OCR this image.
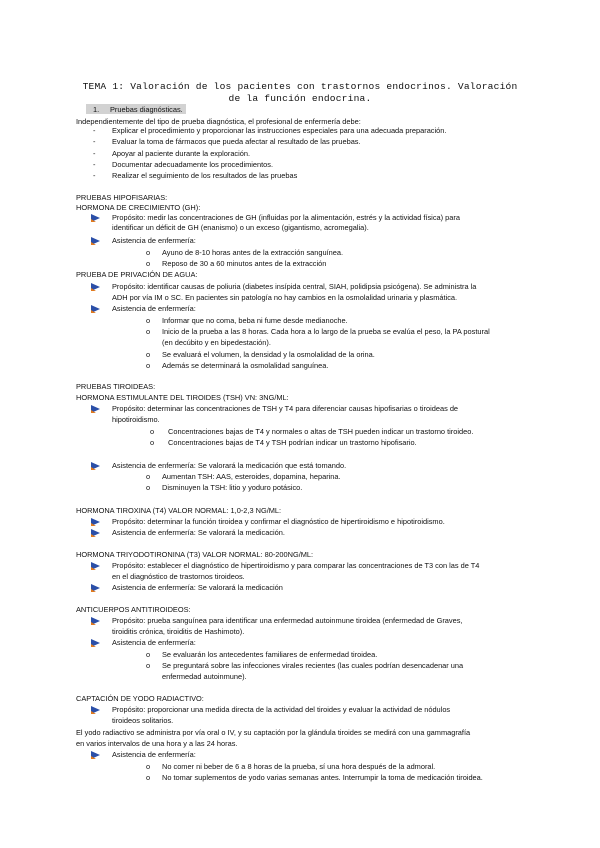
TEMA 1: Valoración de los pacientes con trastornos endocrinos. Valoración
de la función endocrina.
1. Pruebas diagnósticas.
Independientemente del tipo de prueba diagnóstica, el profesional de enfermería debe:
- Explicar el procedimiento y proporcionar las instrucciones especiales para una adecuada preparación.
- Evaluar la toma de fármacos que pueda afectar al resultado de las pruebas.
- Apoyar al paciente durante la exploración.
- Documentar adecuadamente los procedimientos.
- Realizar el seguimiento de los resultados de las pruebas
PRUEBAS HIPOFISARIAS:
HORMONA DE CRECIMIENTO (GH):
Propósito: medir las concentraciones de GH (influidas por la alimentación, estrés y la actividad física) para
identificar un déficit de GH (enanismo) o un exceso (gigantismo, acromegalia).
Asistencia de enfermería:
o Ayuno de 8-10 horas antes de la extracción sanguínea.
o Reposo de 30 a 60 minutos antes de la extracción
PRUEBA DE PRIVACIÓN DE AGUA:
Propósito: identificar causas de poliuria (diabetes insípida central, SIAH, polidipsia psicógena). Se administra la
ADH por vía IM o SC. En pacientes sin patología no hay cambios en la osmolalidad urinaria y plasmática.
Asistencia de enfermería:
o Informar que no coma, beba ni fume desde medianoche.
o Inicio de la prueba a las 8 horas. Cada hora a lo largo de la prueba se evalúa el peso, la PA postural
(en decúbito y en bipedestación).
o Se evaluará el volumen, la densidad y la osmolalidad de la orina.
o Además se determinará la osmolalidad sanguínea.
PRUEBAS TIROIDEAS:
HORMONA ESTIMULANTE DEL TIROIDES (TSH) VN: 3NG/ML:
Propósito: determinar las concentraciones de TSH y T4 para diferenciar causas hipofisarias o tiroideas de
hipotiroidismo.
o Concentraciones bajas de T4 y normales o altas de TSH pueden indicar un trastorno tiroideo.
o Concentraciones bajas de T4 y TSH podrían indicar un trastorno hipofisario.
Asistencia de enfermería: Se valorará la medicación que está tomando.
o Aumentan TSH: AAS, esteroides, dopamina, heparina.
o Disminuyen la TSH: litio y yoduro potásico.
HORMONA TIROXINA (T4) VALOR NORMAL: 1,0-2,3 NG/ML:
Propósito: determinar la función tiroidea y confirmar el diagnóstico de hipertiroidismo e hipotiroidismo.
Asistencia de enfermería: Se valorará la medicación.
HORMONA TRIYODOTIRONINA (T3) VALOR NORMAL: 80-200NG/ML:
Propósito: establecer el diagnóstico de hipertiroidismo y para comparar las concentraciones de T3 con las de T4
en el diagnóstico de trastornos tiroideos.
Asistencia de enfermería: Se valorará la medicación
ANTICUERPOS ANTITIROIDEOS:
Propósito: prueba sanguínea para identificar una enfermedad autoinmune tiroidea (enfermedad de Graves,
tiroiditis crónica, tiroiditis de Hashimoto).
Asistencia de enfermería:
o Se evaluarán los antecedentes familiares de enfermedad tiroidea.
o Se preguntará sobre las infecciones virales recientes (las cuales podrían desencadenar una
enfermedad autoinmune).
CAPTACIÓN DE YODO RADIACTIVO:
Propósito: proporcionar una medida directa de la actividad del tiroides y evaluar la actividad de nódulos
tiroideos solitarios.
El yodo radiactivo se administra por vía oral o IV, y su captación por la glándula tiroides se medirá con una gammagrafía
en varios intervalos de una hora y a las 24 horas.
Asistencia de enfermería:
o No comer ni beber de 6 a 8 horas de la prueba, sí una hora después de la admoral.
o No tomar suplementos de yodo varias semanas antes. Interrumpir la toma de medicación tiroidea.
